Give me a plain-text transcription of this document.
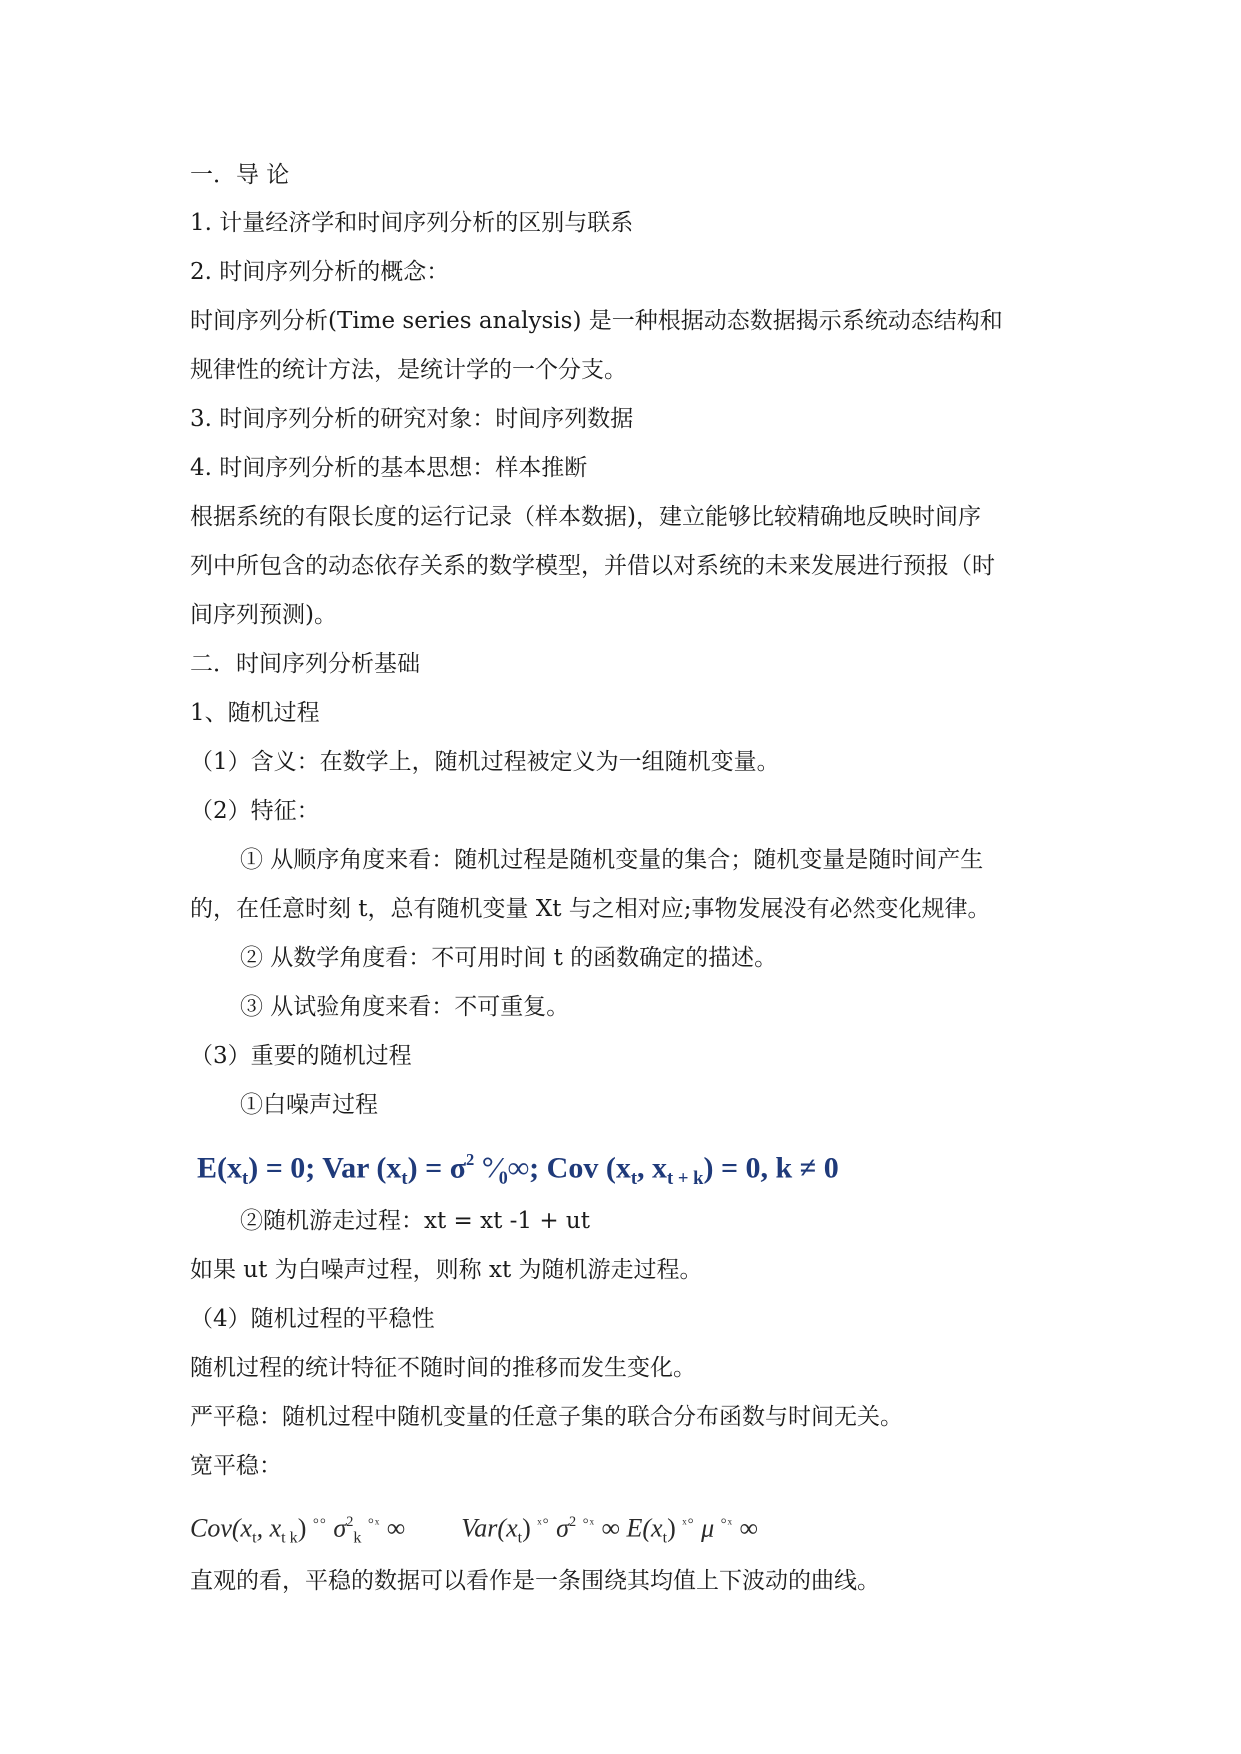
一．导 论
1. 计量经济学和时间序列分析的区别与联系
2. 时间序列分析的概念：
时间序列分析(Time series analysis) 是一种根据动态数据揭示系统动态结构和
规律性的统计方法，是统计学的一个分支。
3. 时间序列分析的研究对象：时间序列数据
4. 时间序列分析的基本思想：样本推断
根据系统的有限长度的运行记录（样本数据)，建立能够比较精确地反映时间序
列中所包含的动态依存关系的数学模型，并借以对系统的未来发展进行预报（时
间序列预测)。
二．时间序列分析基础
1、随机过程
（1）含义：在数学上，随机过程被定义为一组随机变量。
（2）特征：
① 从顺序角度来看：随机过程是随机变量的集合；随机变量是随时间产生
的，在任意时刻 t，总有随机变量 Xt 与之相对应;事物发展没有必然变化规律。
② 从数学角度看：不可用时间 t 的函数确定的描述。
③ 从试验角度来看：不可重复。
（3）重要的随机过程
①白噪声过程
$E(x_t) = 0$; Var $(x_t) = \sigma^2$ °⁄₀∞; Cov ($x_t$, $x_{t + k}) = 0$, k ≠ 0
②随机游走过程：xt = xt -1 + ut
如果 ut 为白噪声过程，则称 xt 为随机游走过程。
（4）随机过程的平稳性
随机过程的统计特征不随时间的推移而发生变化。
严平稳：随机过程中随机变量的任意子集的联合分布函数与时间无关。
宽平稳：
$Cov(x_t$, $x_{t k}$) °° $\sigma^2_k$ $^{^\circ ˣ}$ ∞ $Var(x_t)$ $^{ˣ^\circ}$ $\sigma^2$ $^{^\circ ˣ}$ ∞ $E(x_t)$ $^{ˣ^\circ}$ μ $^{^\circ ˣ}$ ∞
直观的看，平稳的数据可以看作是一条围绕其均值上下波动的曲线。
